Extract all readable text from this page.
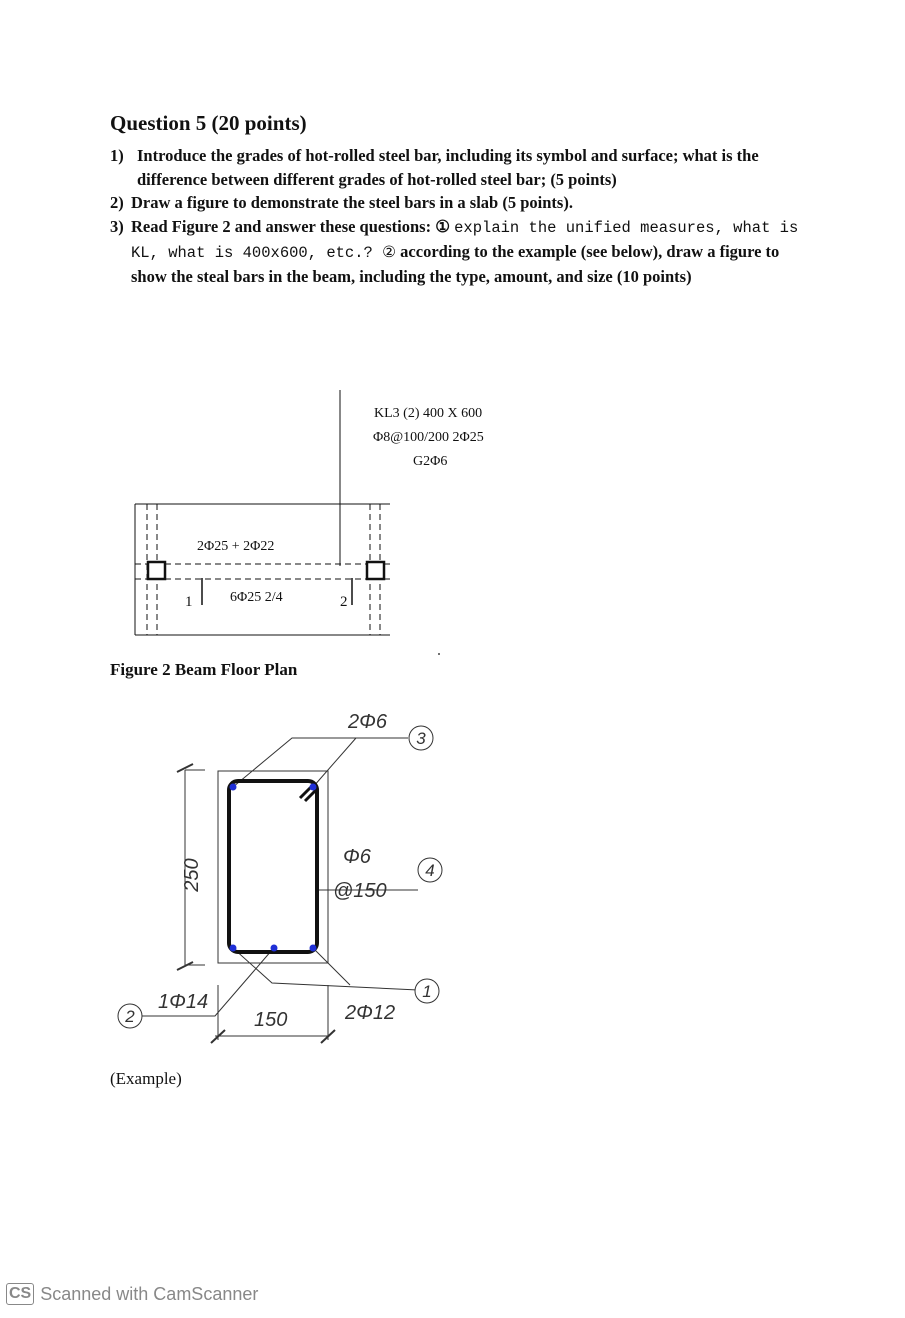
Question 5 (20 points)
1) Introduce the grades of hot-rolled steel bar, including its symbol and surface; what is the difference between different grades of hot-rolled steel bar; (5 points)
2) Draw a figure to demonstrate the steel bars in a slab (5 points).
3) Read Figure 2 and answer these questions: ① explain the unified measures, what is KL, what is 400x600, etc.? ② according to the example (see below), draw a figure to show the steal bars in the beam, including the type, amount, and size (10 points)
KL3 (2) 400 X 600
Φ8@100/200 2Φ25
G2Φ6
2Φ25 + 2Φ22
6Φ25 2/4
1	2
Figure 2 Beam Floor Plan
3
4
1
2
2Φ6
Φ6
@150
2Φ12
1Φ14
150
250
(Example)
CS Scanned with CamScanner
